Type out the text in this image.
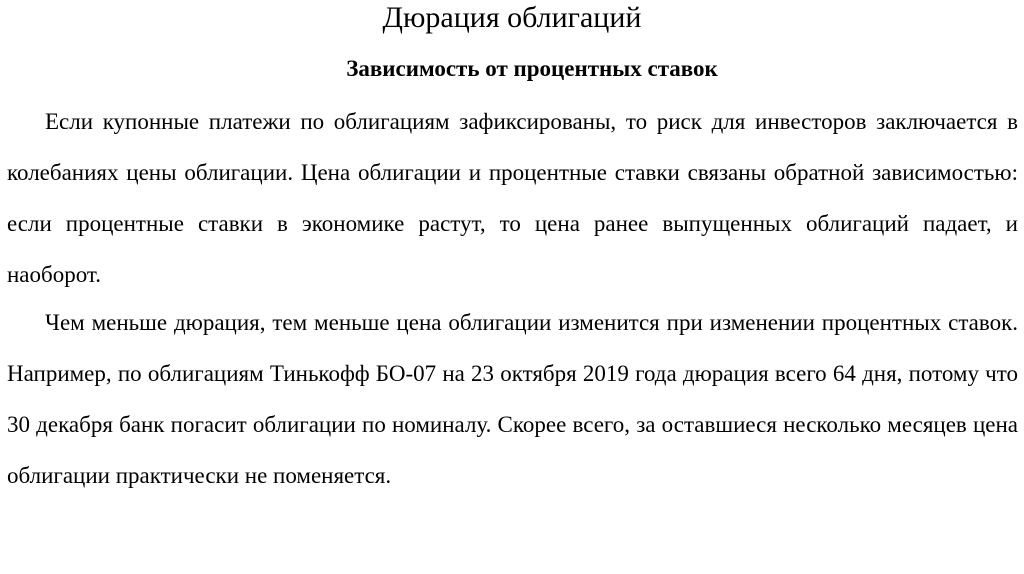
Дюрация облигаций
Зависимость от процентных ставок

Если купонные платежи по облигациям зафиксированы, то риск для инвесторов заключается в колебаниях цены облигации. Цена облигации и процентные ставки связаны обратной зависимостью: если процентные ставки в экономике растут, то цена ранее выпущенных облигаций падает, и наоборот.

Чем меньше дюрация, тем меньше цена облигации изменится при изменении процентных ставок. Например, по облигациям Тинькофф БО-07 на 23 октября 2019 года дюрация всего 64 дня, потому что 30 декабря банк погасит облигации по номиналу. Скорее всего, за оставшиеся несколько месяцев цена облигации практически не поменяется.
